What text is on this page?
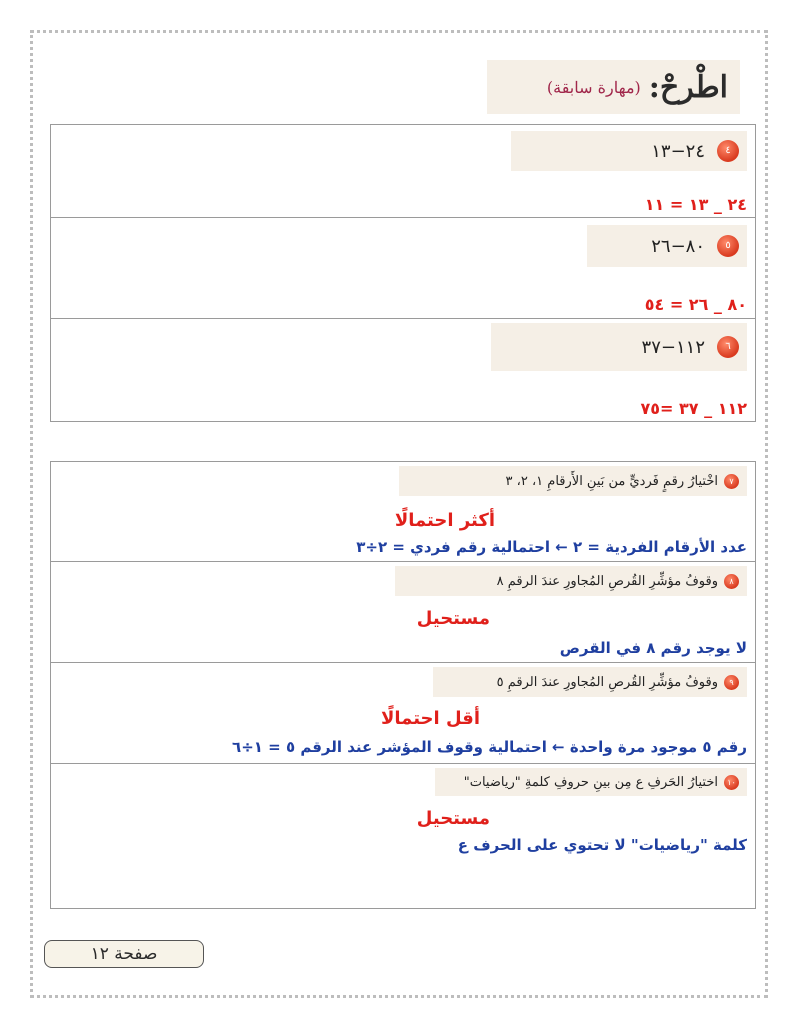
اطْرحْ:
(مهارة سابقة)
٤
٢٤−١٣
٢٤ _ ١٣ = ١١
٥
٨٠−٢٦
٨٠ _ ٢٦ = ٥٤
٦
١١٢−٣٧
١١٢ _ ٣٧ =٧٥
٧
اخْتيارُ رقمٍ فَرديٍّ من بَينِ الأَرقامِ ١، ٢، ٣
أكثر احتمالًا
عدد الأرقام الفردية = ٢ ← احتمالية رقم فردي = ٢÷٣
٨
وقوفُ مؤشِّرِ القُرصِ المُجاورِ عندَ الرقمِ ٨
مستحيل
لا يوجد رقم ٨ في القرص
٩
وقوفُ مؤشِّرِ القُرصِ المُجاورِ عندَ الرقمِ ٥
أقل احتمالًا
رقم ٥ موجود مرة واحدة ← احتمالية وقوف المؤشر عند الرقم ٥ = ١÷٦
١٠
اختيارُ الحَرفِ ع مِن بينِ حروفِ كلمةِ "رياضيات"
مستحيل
كلمة "رياضيات" لا تحتوي على الحرف ع
صفحة ١٢
